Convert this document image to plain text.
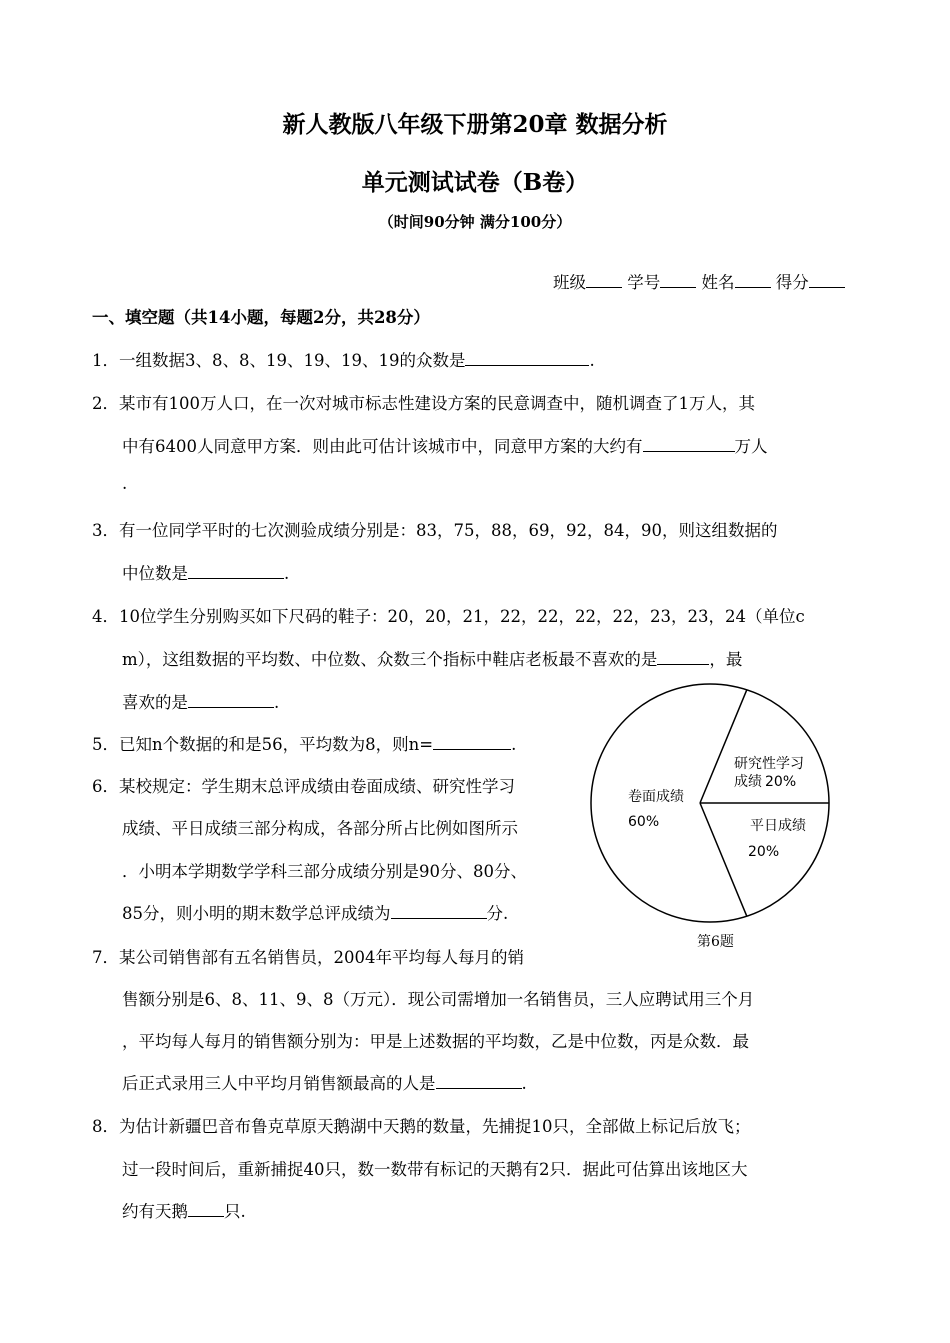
新人教版八年级下册第20章 数据分析
单元测试试卷（B卷）
（时间90分钟 满分100分）
班级	学号	姓名	得分
一、填空题（共14小题，每题2分，共28分）
1．一组数据3、8、8、19、19、19、19的众数是	.
2．某市有100万人口，在一次对城市标志性建设方案的民意调查中，随机调查了1万人，其
中有6400人同意甲方案．则由此可估计该城市中，同意甲方案的大约有	万人
.
3．有一位同学平时的七次测验成绩分别是：83，75，88，69，92，84，90，则这组数据的
中位数是	.
4．10位学生分别购买如下尺码的鞋子：20，20，21，22，22，22，22，23，23，24（单位c
m），这组数据的平均数、中位数、众数三个指标中鞋店老板最不喜欢的是	，最
喜欢的是	.
5．已知n个数据的和是56，平均数为8，则n=	.
6．某校规定：学生期末总评成绩由卷面成绩、研究性学习
成绩、平日成绩三部分构成，各部分所占比例如图所示
．小明本学期数学学科三部分成绩分别是90分、80分、
85分，则小明的期末数学总评成绩为	分.
卷面成绩
60%
研究性学习
成绩 20%
平日成绩
20%
第6题
7．某公司销售部有五名销售员，2004年平均每人每月的销
售额分别是6、8、11、9、8（万元）．现公司需增加一名销售员，三人应聘试用三个月
，平均每人每月的销售额分别为：甲是上述数据的平均数，乙是中位数，丙是众数．最
后正式录用三人中平均月销售额最高的人是	.
8．为估计新疆巴音布鲁克草原天鹅湖中天鹅的数量，先捕捉10只，全部做上标记后放飞；
过一段时间后，重新捕捉40只，数一数带有标记的天鹅有2只．据此可估算出该地区大
约有天鹅 只.
